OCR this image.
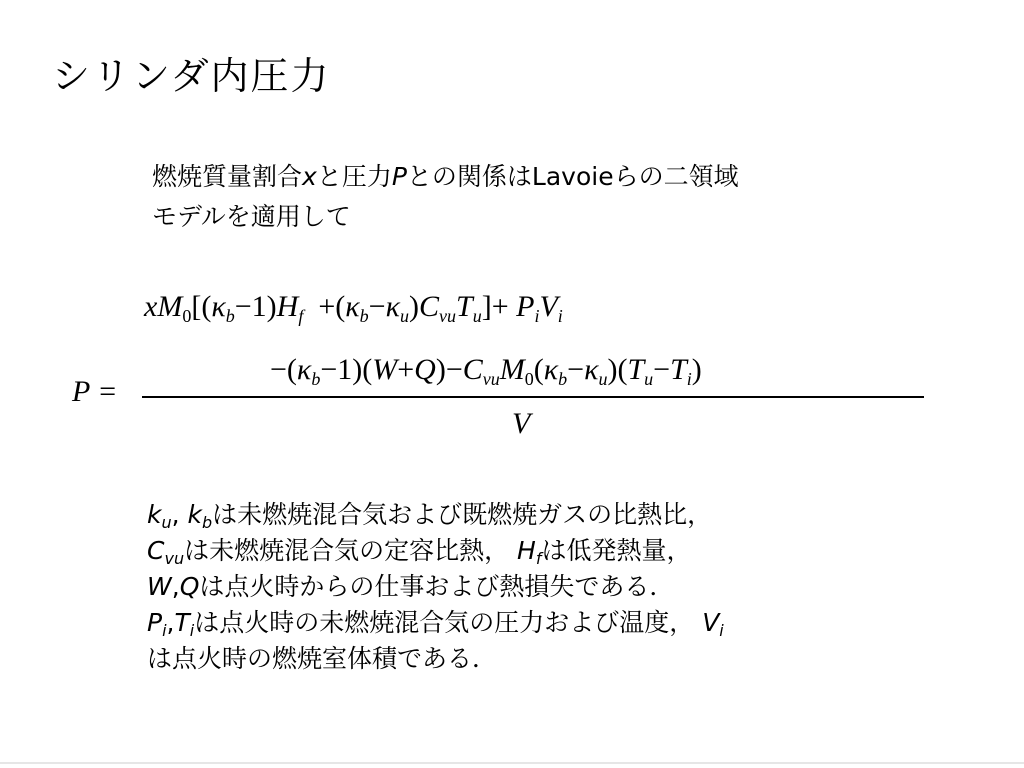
シリンダ内圧力
燃焼質量割合xと圧力Pとの関係はLavoieらの二領域
モデルを適用して
$xM_0[(\kappa_b-1)H_f +(\kappa_b-\kappa_u)C_{vu}T_u]+ P_iV_i$
$-(\kappa_b-1)(W+Q)-C_{vu}M_0(\kappa_b-\kappa_u)(T_u-T_i)$
P =
V
$k_u$, $k_b$は未燃焼混合気および既燃焼ガスの比熱比，
$C_{vu}$は未燃焼混合気の定容比熱， $H_f$は低発熱量，
W,Qは点火時からの仕事および熱損失である．
$P_i,T_i$は点火時の未燃焼混合気の圧力および温度， $V_i$
は点火時の燃焼室体積である．
